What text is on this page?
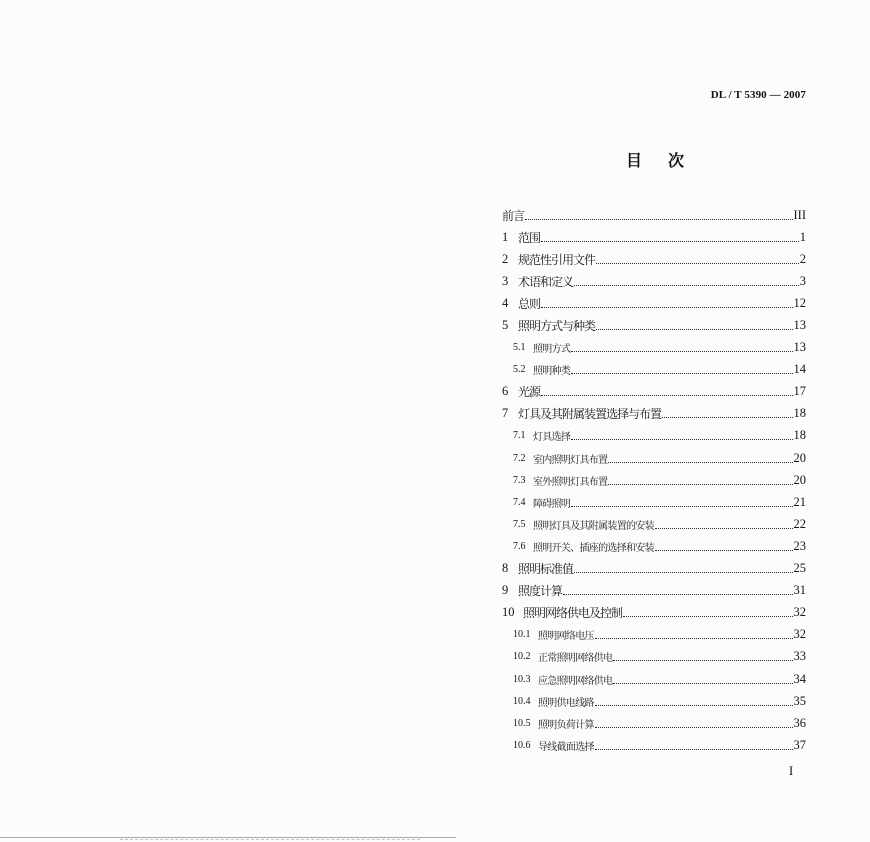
DL / T 5390 — 2007
目　次
前言	III
1 范围	1
2 规范性引用文件	2
3 术语和定义	3
4 总则	12
5 照明方式与种类	13
5.1 照明方式	13
5.2 照明种类	14
6 光源	17
7 灯具及其附属装置选择与布置	18
7.1 灯具选择	18
7.2 室内照明灯具布置	20
7.3 室外照明灯具布置	20
7.4 障碍照明	21
7.5 照明灯具及其附属装置的安装	22
7.6 照明开关、插座的选择和安装	23
8 照明标准值	25
9 照度计算	31
10 照明网络供电及控制	32
10.1 照明网络电压	32
10.2 正常照明网络供电	33
10.3 应急照明网络供电	34
10.4 照明供电线路	35
10.5 照明负荷计算	36
10.6 导线截面选择	37
I
